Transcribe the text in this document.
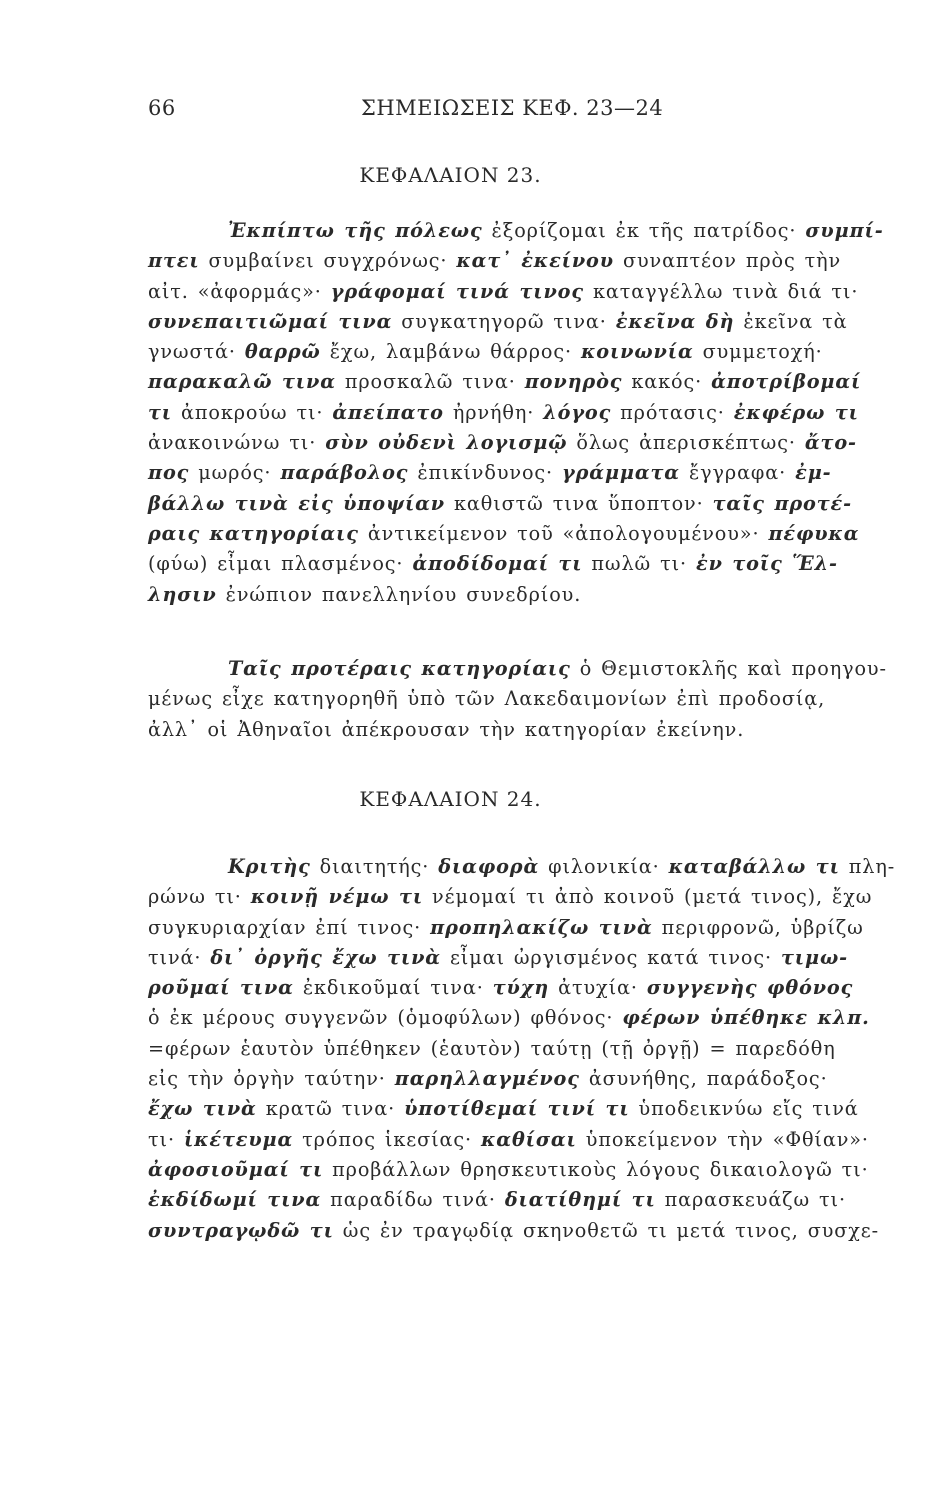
66	ΣΗΜΕΙΩΣΕΙΣ ΚΕΦ. 23—24
ΚΕΦΑΛΑΙΟΝ 23.
Ἐκπίπτω τῆς πόλεως ἐξορίζομαι ἐκ τῆς πατρίδος· συμπί-
πτει συμβαίνει συγχρόνως· κατ᾿ ἐκείνου συναπτέον πρὸς τὴν
αἰτ. «ἀφορμάς»· γράφομαί τινά τινος καταγγέλλω τινὰ διά τι·
συνεπαιτιῶμαί τινα συγκατηγορῶ τινα· ἐκεῖνα δὴ ἐκεῖνα τὰ
γνωστά· θαρρῶ ἔχω, λαμβάνω θάρρος· κοινωνία συμμετοχή·
παρακαλῶ τινα προσκαλῶ τινα· πονηρὸς κακός· ἀποτρίβομαί
τι ἀποκρούω τι· ἀπείπατο ἠρνήθη· λόγος πρότασις· ἐκφέρω τι
ἀνακοινώνω τι· σὺν οὐδενὶ λογισμῷ ὅλως ἀπερισκέπτως· ἄτο-
πος μωρός· παράβολος ἐπικίνδυνος· γράμματα ἔγγραφα· ἐμ-
βάλλω τινὰ εἰς ὑποψίαν καθιστῶ τινα ὕποπτον· ταῖς προτέ-
ραις κατηγορίαις ἀντικείμενον τοῦ «ἀπολογουμένου»· πέφυκα
(φύω) εἶμαι πλασμένος· ἀποδίδομαί τι πωλῶ τι· ἐν τοῖς Ἕλ-
λησιν ἐνώπιον πανελληνίου συνεδρίου.
Ταῖς προτέραις κατηγορίαις ὁ Θεμιστοκλῆς καὶ προηγου-
μένως εἶχε κατηγορηθῆ ὑπὸ τῶν Λακεδαιμονίων ἐπὶ προδοσίᾳ,
ἀλλ᾿ οἱ Ἀθηναῖοι ἀπέκρουσαν τὴν κατηγορίαν ἐκείνην.
ΚΕΦΑΛΑΙΟΝ 24.
Κριτὴς διαιτητής· διαφορὰ φιλονικία· καταβάλλω τι πλη-
ρώνω τι· κοινῇ νέμω τι νέμομαί τι ἀπὸ κοινοῦ (μετά τινος), ἔχω
συγκυριαρχίαν ἐπί τινος· προπηλακίζω τινὰ περιφρονῶ, ὑβρίζω
τινά· δι᾿ ὀργῆς ἔχω τινὰ εἶμαι ὠργισμένος κατά τινος· τιμω-
ροῦμαί τινα ἐκδικοῦμαί τινα· τύχη ἀτυχία· συγγενὴς φθόνος
ὁ ἐκ μέρους συγγενῶν (ὁμοφύλων) φθόνος· φέρων ὑπέθηκε κλπ.
=φέρων ἑαυτὸν ὑπέθηκεν (ἑαυτὸν) ταύτῃ (τῇ ὀργῇ) = παρεδόθη
εἰς τὴν ὀργὴν ταύτην· παρηλλαγμένος ἀσυνήθης, παράδοξος·
ἔχω τινὰ κρατῶ τινα· ὑποτίθεμαί τινί τι ὑποδεικνύω εἴς τινά
τι· ἱκέτευμα τρόπος ἱκεσίας· καθίσαι ὑποκείμενον τὴν «Φθίαν»·
ἀφοσιοῦμαί τι προβάλλων θρησκευτικοὺς λόγους δικαιολογῶ τι·
ἐκδίδωμί τινα παραδίδω τινά· διατίθημί τι παρασκευάζω τι·
συντραγῳδῶ τι ὡς ἐν τραγῳδίᾳ σκηνοθετῶ τι μετά τινος, συσχε-
